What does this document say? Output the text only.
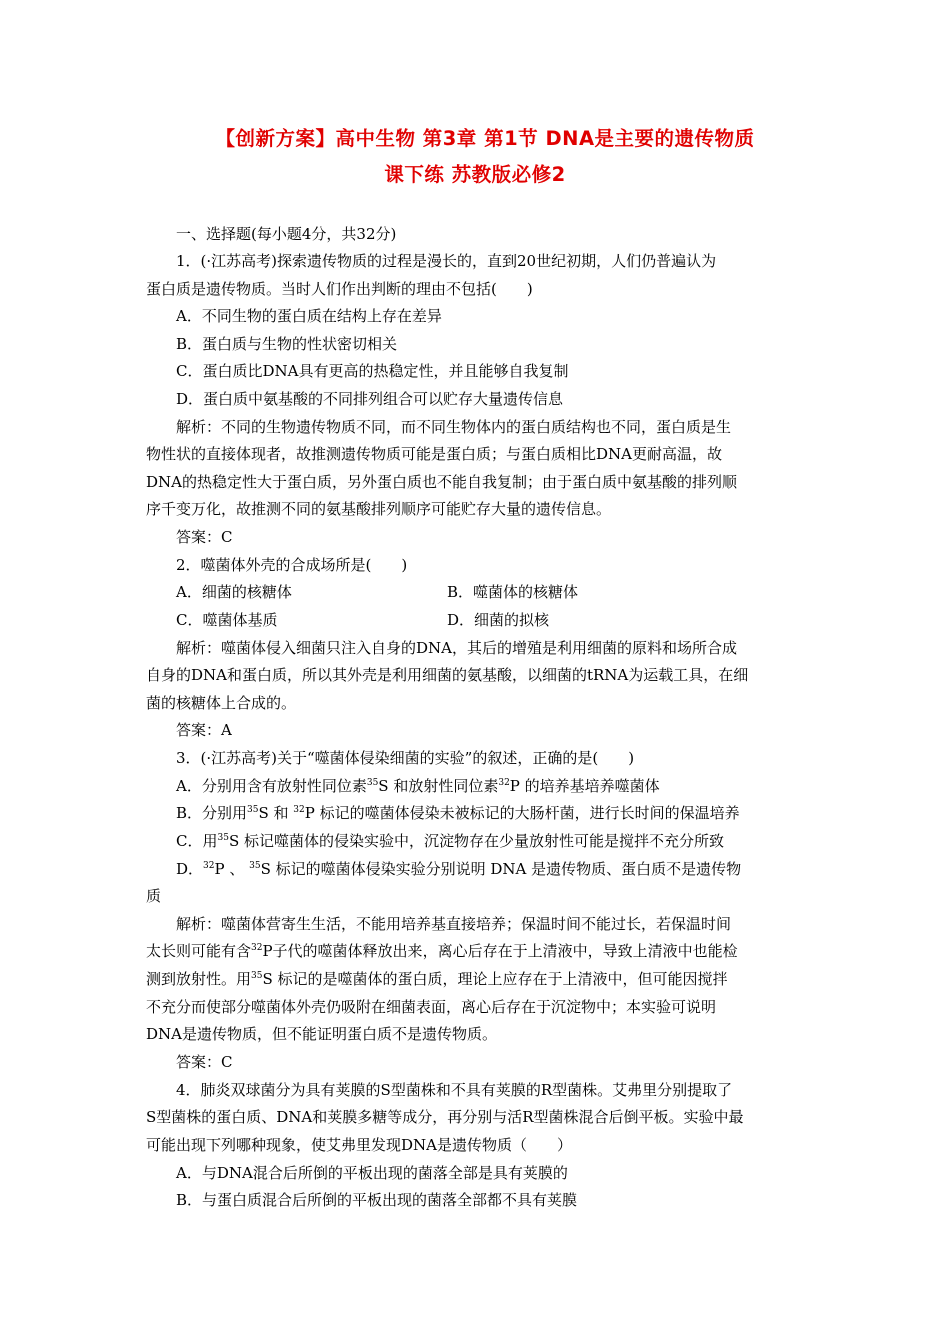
【创新方案】高中生物 第3章 第1节 DNA是主要的遗传物质
课下练 苏教版必修2
一、选择题(每小题4分，共32分)
1．(·江苏高考)探索遗传物质的过程是漫长的，直到20世纪初期，人们仍普遍认为
蛋白质是遗传物质。当时人们作出判断的理由不包括(　　)
A．不同生物的蛋白质在结构上存在差异
B．蛋白质与生物的性状密切相关
C．蛋白质比DNA具有更高的热稳定性，并且能够自我复制
D．蛋白质中氨基酸的不同排列组合可以贮存大量遗传信息
解析：不同的生物遗传物质不同，而不同生物体内的蛋白质结构也不同，蛋白质是生
物性状的直接体现者，故推测遗传物质可能是蛋白质；与蛋白质相比DNA更耐高温，故
DNA的热稳定性大于蛋白质，另外蛋白质也不能自我复制；由于蛋白质中氨基酸的排列顺
序千变万化，故推测不同的氨基酸排列顺序可能贮存大量的遗传信息。
答案：C
2．噬菌体外壳的合成场所是(　　)
A．细菌的核糖体	B．噬菌体的核糖体
C．噬菌体基质	D．细菌的拟核
解析：噬菌体侵入细菌只注入自身的DNA，其后的增殖是利用细菌的原料和场所合成
自身的DNA和蛋白质，所以其外壳是利用细菌的氨基酸，以细菌的tRNA为运载工具，在细
菌的核糖体上合成的。
答案：A
3．(·江苏高考)关于“噬菌体侵染细菌的实验”的叙述，正确的是(　　)
A．分别用含有放射性同位素$^{35}$S 和放射性同位素$^{32}$P 的培养基培养噬菌体
B．分别用$^{35}$S 和 $^{32}$P 标记的噬菌体侵染未被标记的大肠杆菌，进行长时间的保温培养
C．用$^{35}$S 标记噬菌体的侵染实验中，沉淀物存在少量放射性可能是搅拌不充分所致
D．$^{32}$P 、 $^{35}$S 标记的噬菌体侵染实验分别说明 DNA 是遗传物质、蛋白质不是遗传物
质
解析：噬菌体营寄生生活，不能用培养基直接培养；保温时间不能过长，若保温时间
太长则可能有含$^{32}$P子代的噬菌体释放出来，离心后存在于上清液中，导致上清液中也能检
测到放射性。用$^{35}$S 标记的是噬菌体的蛋白质，理论上应存在于上清液中，但可能因搅拌
不充分而使部分噬菌体外壳仍吸附在细菌表面，离心后存在于沉淀物中；本实验可说明
DNA是遗传物质，但不能证明蛋白质不是遗传物质。
答案：C
4．肺炎双球菌分为具有荚膜的S型菌株和不具有荚膜的R型菌株。艾弗里分别提取了
S型菌株的蛋白质、DNA和荚膜多糖等成分，再分别与活R型菌株混合后倒平板。实验中最
可能出现下列哪种现象，使艾弗里发现DNA是遗传物质（　　）
A．与DNA混合后所倒的平板出现的菌落全部是具有荚膜的
B．与蛋白质混合后所倒的平板出现的菌落全部都不具有荚膜
